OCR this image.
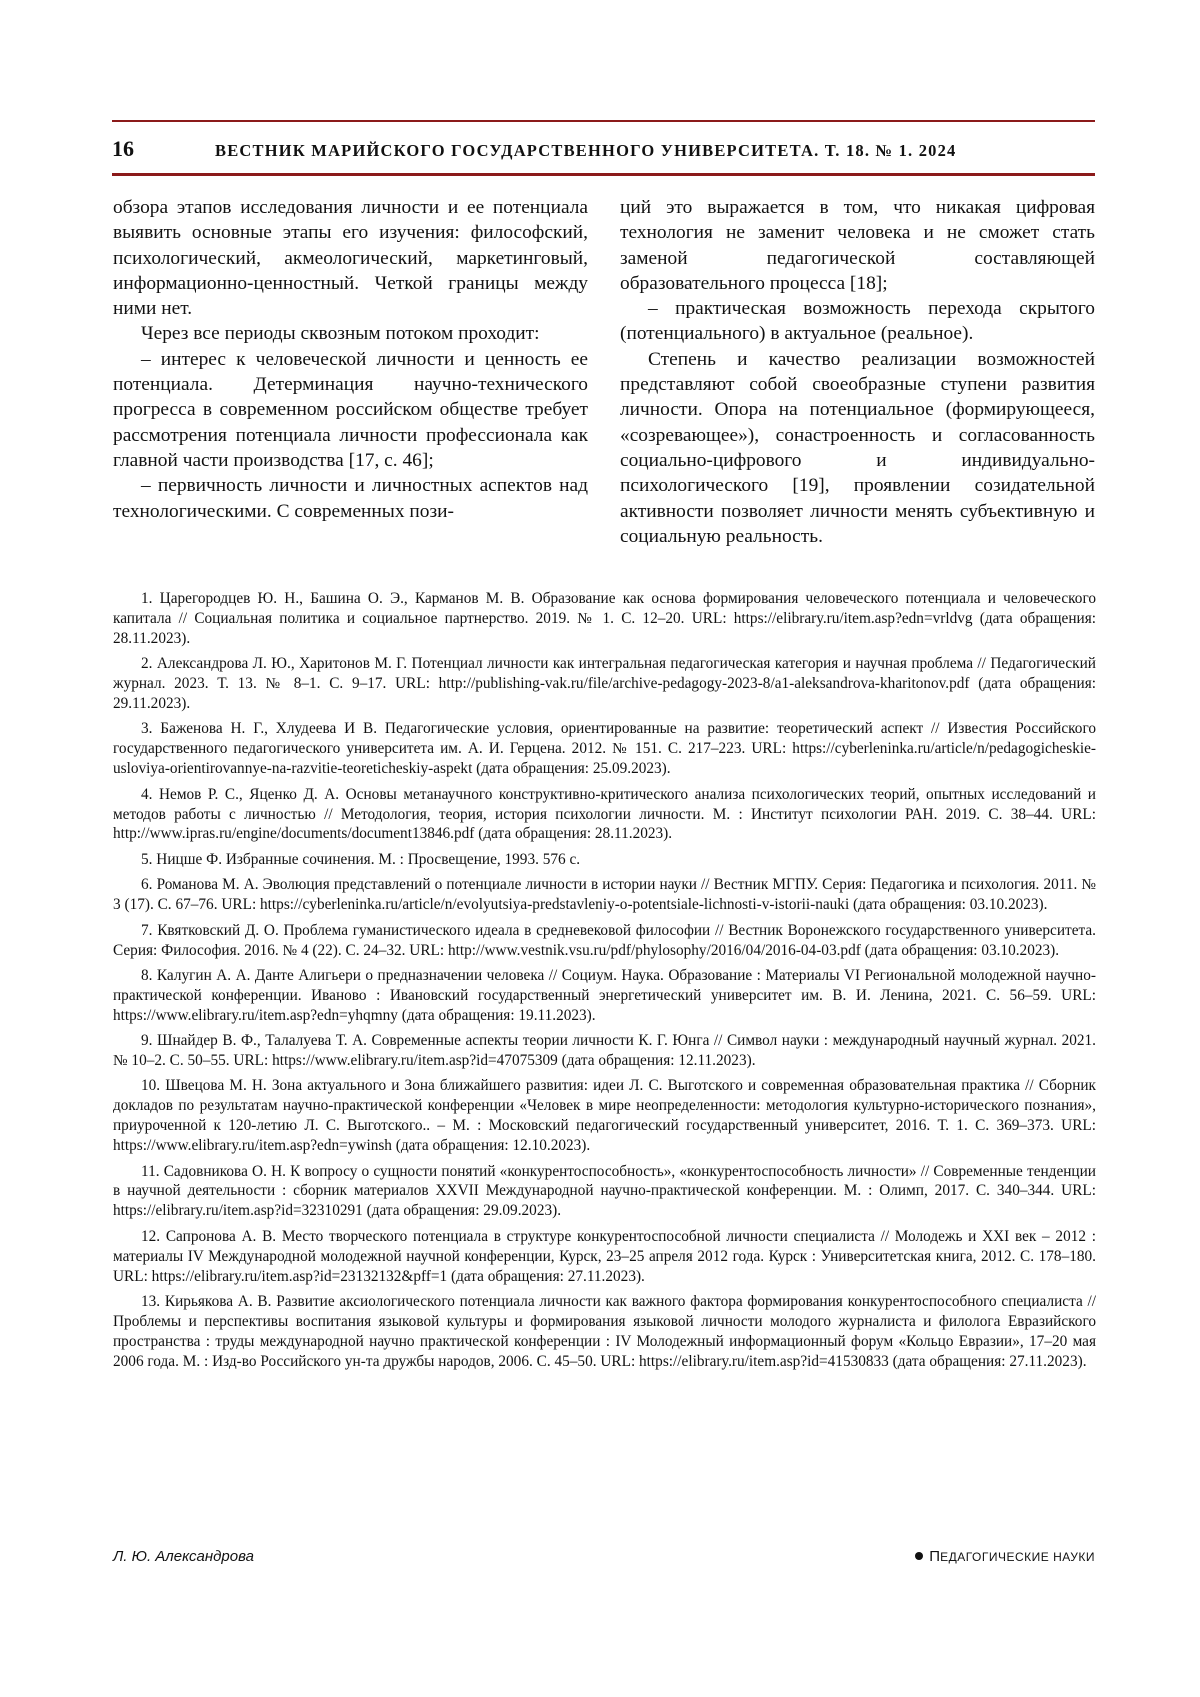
16	ВЕСТНИК МАРИЙСКОГО ГОСУДАРСТВЕННОГО УНИВЕРСИТЕТА. Т. 18. № 1. 2024

обзора этапов исследования личности и ее потенциала выявить основные этапы его изучения: философский, психологический, акмеологический, маркетинговый, информационно-ценностный. Четкой границы между ними нет.

Через все периоды сквозным потоком проходит:

– интерес к человеческой личности и ценность ее потенциала. Детерминация научно-технического прогресса в современном российском обществе требует рассмотрения потенциала личности профессионала как главной части производства [17, с. 46];

– первичность личности и личностных аспектов над технологическими. С современных пози-

ций это выражается в том, что никакая цифровая технология не заменит человека и не сможет стать заменой педагогической составляющей образовательного процесса [18];

– практическая возможность перехода скрытого (потенциального) в актуальное (реальное).

Степень и качество реализации возможностей представляют собой своеобразные ступени развития личности. Опора на потенциальное (формирующееся, «созревающее»), сонастроенность и согласованность социально-цифрового и индивидуально-психологического [19], проявлении созидательной активности позволяет личности менять субъективную и социальную реальность.

1. Царегородцев Ю. Н., Башина О. Э., Карманов М. В. Образование как основа формирования человеческого потенциала и человеческого капитала // Социальная политика и социальное партнерство. 2019. № 1. С. 12–20. URL: https://elibrary.ru/item.asp?edn=vrldvg (дата обращения: 28.11.2023).

2. Александрова Л. Ю., Харитонов М. Г. Потенциал личности как интегральная педагогическая категория и научная проблема // Педагогический журнал. 2023. Т. 13. № 8–1. С. 9–17. URL: http://publishing-vak.ru/file/archive-pedagogy-2023-8/a1-aleksandrova-kharitonov.pdf (дата обращения: 29.11.2023).

3. Баженова Н. Г., Хлудеева И В. Педагогические условия, ориентированные на развитие: теоретический аспект // Известия Российского государственного педагогического университета им. А. И. Герцена. 2012. № 151. С. 217–223. URL: https://cyberleninka.ru/article/n/pedagogicheskie-usloviya-orientirovannye-na-razvitie-teoreticheskiy-aspekt (дата обращения: 25.09.2023).

4. Немов Р. С., Яценко Д. А. Основы метанаучного конструктивно-критического анализа психологических теорий, опытных исследований и методов работы с личностью // Методология, теория, история психологии личности. М. : Институт психологии РАН. 2019. С. 38–44. URL: http://www.ipras.ru/engine/documents/document13846.pdf (дата обращения: 28.11.2023).

5. Ницше Ф. Избранные сочинения. М. : Просвещение, 1993. 576 с.

6. Романова М. А. Эволюция представлений о потенциале личности в истории науки // Вестник МГПУ. Серия: Педагогика и психология. 2011. № 3 (17). С. 67–76. URL: https://cyberleninka.ru/article/n/evolyutsiya-predstavleniy-o-potentsiale-lichnosti-v-istorii-nauki (дата обращения: 03.10.2023).

7. Квятковский Д. О. Проблема гуманистического идеала в средневековой философии // Вестник Воронежского государственного университета. Серия: Философия. 2016. № 4 (22). С. 24–32. URL: http://www.vestnik.vsu.ru/pdf/phylosophy/2016/04/2016-04-03.pdf (дата обращения: 03.10.2023).

8. Калугин А. А. Данте Алигьери о предназначении человека // Социум. Наука. Образование : Материалы VI Региональной молодежной научно-практической конференции. Иваново : Ивановский государственный энергетический университет им. В. И. Ленина, 2021. С. 56–59. URL: https://www.elibrary.ru/item.asp?edn=yhqmny (дата обращения: 19.11.2023).

9. Шнайдер В. Ф., Талалуева Т. А. Современные аспекты теории личности К. Г. Юнга // Символ науки : международный научный журнал. 2021. № 10–2. С. 50–55. URL: https://www.elibrary.ru/item.asp?id=47075309 (дата обращения: 12.11.2023).

10. Швецова М. Н. Зона актуального и Зона ближайшего развития: идеи Л. С. Выготского и современная образовательная практика // Сборник докладов по результатам научно-практической конференции «Человек в мире неопределенности: методология культурно-исторического познания», приуроченной к 120-летию Л. С. Выготского.. – М. : Московский педагогический государственный университет, 2016. Т. 1. С. 369–373. URL: https://www.elibrary.ru/item.asp?edn=ywinsh (дата обращения: 12.10.2023).

11. Садовникова О. Н. К вопросу о сущности понятий «конкурентоспособность», «конкурентоспособность личности» // Современные тенденции в научной деятельности : сборник материалов XXVII Международной научно-практической конференции. М. : Олимп, 2017. С. 340–344. URL: https://elibrary.ru/item.asp?id=32310291 (дата обращения: 29.09.2023).

12. Сапронова А. В. Место творческого потенциала в структуре конкурентоспособной личности специалиста // Молодежь и XXI век – 2012 : материалы IV Международной молодежной научной конференции, Курск, 23–25 апреля 2012 года. Курск : Университетская книга, 2012. С. 178–180. URL: https://elibrary.ru/item.asp?id=23132132&pff=1 (дата обращения: 27.11.2023).

13. Кирьякова А. В. Развитие аксиологического потенциала личности как важного фактора формирования конкурентоспособного специалиста // Проблемы и перспективы воспитания языковой культуры и формирования языковой личности молодого журналиста и филолога Евразийского пространства : труды международной научно практической конференции : IV Молодежный информационный форум «Кольцо Евразии», 17–20 мая 2006 года. М. : Изд-во Российского ун-та дружбы народов, 2006. С. 45–50. URL: https://elibrary.ru/item.asp?id=41530833 (дата обращения: 27.11.2023).

Л. Ю. Александрова	ПЕДАГОГИЧЕСКИЕ НАУКИ
